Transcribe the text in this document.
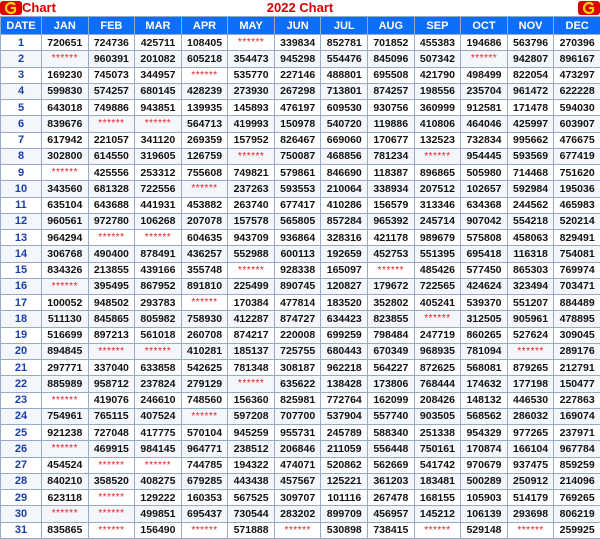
Chart	2022 Chart
DATE	JAN	FEB	MAR	APR	MAY	JUN	JUL	AUG	SEP	OCT	NOV	DEC
1	720651	724736	425711	108405	******	339834	852781	701852	455383	194686	563796	270396
2	******	960391	201082	605218	354473	945298	554476	845096	507342	******	942807	896167
3	169230	745073	344957	******	535770	227146	488801	695508	421790	498499	822054	473297
4	599830	574257	680145	428239	273930	267298	713801	874257	198556	235704	961472	622228
5	643018	749886	943851	139935	145893	476197	609530	930756	360999	912581	171478	594030
6	839676	******	******	564713	419993	150978	540720	119886	410806	464046	425997	603907
7	617942	221057	341120	269359	157952	826467	669060	170677	132523	732834	995662	476675
8	302800	614550	319605	126759	******	750087	468856	781234	******	954445	593569	677419
9	******	425556	253312	755608	749821	579861	846690	118387	896865	505980	714468	751620
10	343560	681328	722556	******	237263	593553	210064	338934	207512	102657	592984	195036
11	635104	643688	441931	453882	263740	677417	410286	156579	313346	634368	244562	465983
12	960561	972780	106268	207078	157578	565805	857284	965392	245714	907042	554218	520214
13	964294	******	******	604635	943709	936864	328316	421178	989679	575808	458063	829491
14	306768	490400	878491	436257	552988	600113	192659	452753	551395	695418	116318	754081
15	834326	213855	439166	355748	******	928338	165097	******	485426	577450	865303	769974
16	******	395495	867952	891810	225499	890745	120827	179672	722565	424624	323494	703471
17	100052	948502	293783	******	170384	477814	183520	352802	405241	539370	551207	884489
18	511130	845865	805982	758930	412287	874727	634423	823855	******	312505	905961	478895
19	516699	897213	561018	260708	874217	220008	699259	798484	247719	860265	527624	309045
20	894845	******	******	410281	185137	725755	680443	670349	968935	781094	******	289176
21	297771	337040	633858	542625	781348	308187	962218	564227	872625	568081	879265	212791
22	885989	958712	237824	279129	******	635622	138428	173806	768444	174632	177198	150477
23	******	419076	246610	748560	156360	825981	772764	162099	208426	148132	446530	227863
24	754961	765115	407524	******	597208	707700	537904	557740	903505	568562	286032	169074
25	921238	727048	417775	570104	945259	955731	245789	588340	251338	954329	977265	237971
26	******	469915	984145	964771	238512	206846	211059	556448	750161	170874	166104	967784
27	454524	******	******	744785	194322	474071	520862	562669	541742	970679	937475	859259
28	840210	358520	408275	679285	443438	457567	125221	361203	183481	500289	250912	214096
29	623118	******	129222	160353	567525	309707	101116	267478	168155	105903	514179	769265
30	******	******	499851	695437	730544	283202	899709	456957	145212	106139	293698	806219
31	835865	******	156490	******	571888	******	530898	738415	******	529148	******	259925
